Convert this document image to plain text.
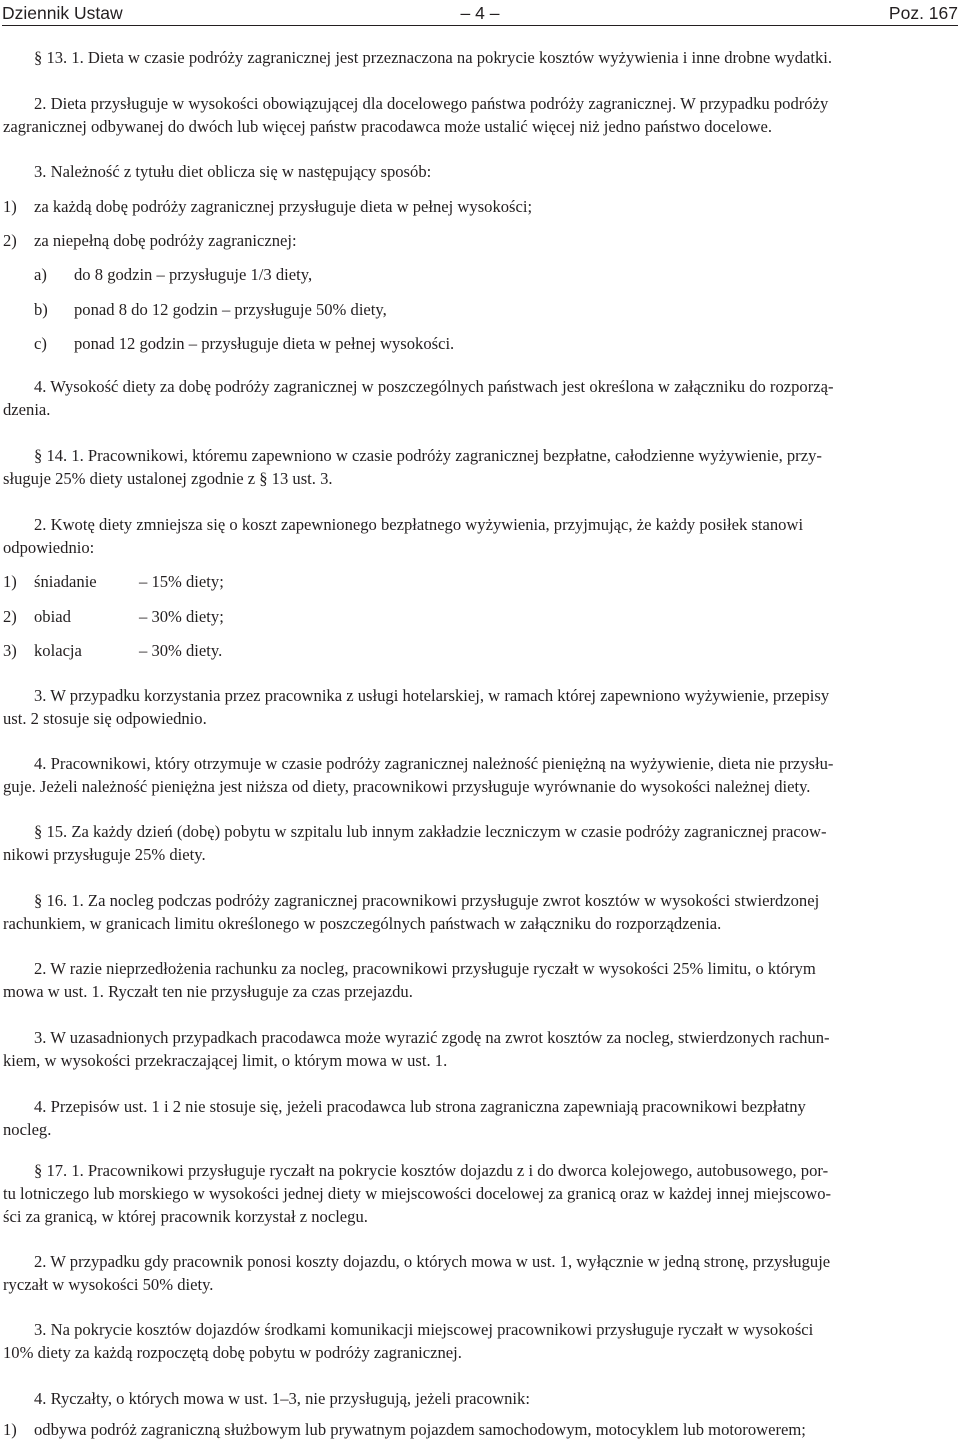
Dziennik Ustaw	– 4 –	Poz. 167
§ 13. 1. Dieta w czasie podróży zagranicznej jest przeznaczona na pokrycie kosztów wyżywienia i inne drobne wydatki.
2. Dieta przysługuje w wysokości obowiązującej dla docelowego państwa podróży zagranicznej. W przypadku podróży
zagranicznej odbywanej do dwóch lub więcej państw pracodawca może ustalić więcej niż jedno państwo docelowe.
3. Należność z tytułu diet oblicza się w następujący sposób:
1) za każdą dobę podróży zagranicznej przysługuje dieta w pełnej wysokości;
2) za niepełną dobę podróży zagranicznej:
a) do 8 godzin – przysługuje 1/3 diety,
b) ponad 8 do 12 godzin – przysługuje 50% diety,
c) ponad 12 godzin – przysługuje dieta w pełnej wysokości.
4. Wysokość diety za dobę podróży zagranicznej w poszczególnych państwach jest określona w załączniku do rozporzą-
dzenia.
§ 14. 1. Pracownikowi, któremu zapewniono w czasie podróży zagranicznej bezpłatne, całodzienne wyżywienie, przy-
sługuje 25% diety ustalonej zgodnie z § 13 ust. 3.
2. Kwotę diety zmniejsza się o koszt zapewnionego bezpłatnego wyżywienia, przyjmując, że każdy posiłek stanowi
odpowiednio:
1) śniadanie	– 15% diety;
2) obiad	– 30% diety;
3) kolacja	– 30% diety.
3. W przypadku korzystania przez pracownika z usługi hotelarskiej, w ramach której zapewniono wyżywienie, przepisy
ust. 2 stosuje się odpowiednio.
4. Pracownikowi, który otrzymuje w czasie podróży zagranicznej należność pieniężną na wyżywienie, dieta nie przysłu-
guje. Jeżeli należność pieniężna jest niższa od diety, pracownikowi przysługuje wyrównanie do wysokości należnej diety.
§ 15. Za każdy dzień (dobę) pobytu w szpitalu lub innym zakładzie leczniczym w czasie podróży zagranicznej pracow-
nikowi przysługuje 25% diety.
§ 16. 1. Za nocleg podczas podróży zagranicznej pracownikowi przysługuje zwrot kosztów w wysokości stwierdzonej
rachunkiem, w granicach limitu określonego w poszczególnych państwach w załączniku do rozporządzenia.
2. W razie nieprzedłożenia rachunku za nocleg, pracownikowi przysługuje ryczałt w wysokości 25% limitu, o którym
mowa w ust. 1. Ryczałt ten nie przysługuje za czas przejazdu.
3. W uzasadnionych przypadkach pracodawca może wyrazić zgodę na zwrot kosztów za nocleg, stwierdzonych rachun-
kiem, w wysokości przekraczającej limit, o którym mowa w ust. 1.
4. Przepisów ust. 1 i 2 nie stosuje się, jeżeli pracodawca lub strona zagraniczna zapewniają pracownikowi bezpłatny
nocleg.
§ 17. 1. Pracownikowi przysługuje ryczałt na pokrycie kosztów dojazdu z i do dworca kolejowego, autobusowego, por-
tu lotniczego lub morskiego w wysokości jednej diety w miejscowości docelowej za granicą oraz w każdej innej miejscowo-
ści za granicą, w której pracownik korzystał z noclegu.
2. W przypadku gdy pracownik ponosi koszty dojazdu, o których mowa w ust. 1, wyłącznie w jedną stronę, przysługuje
ryczałt w wysokości 50% diety.
3. Na pokrycie kosztów dojazdów środkami komunikacji miejscowej pracownikowi przysługuje ryczałt w wysokości
10% diety za każdą rozpoczętą dobę pobytu w podróży zagranicznej.
4. Ryczałty, o których mowa w ust. 1–3, nie przysługują, jeżeli pracownik:
1) odbywa podróż zagraniczną służbowym lub prywatnym pojazdem samochodowym, motocyklem lub motorowerem;
